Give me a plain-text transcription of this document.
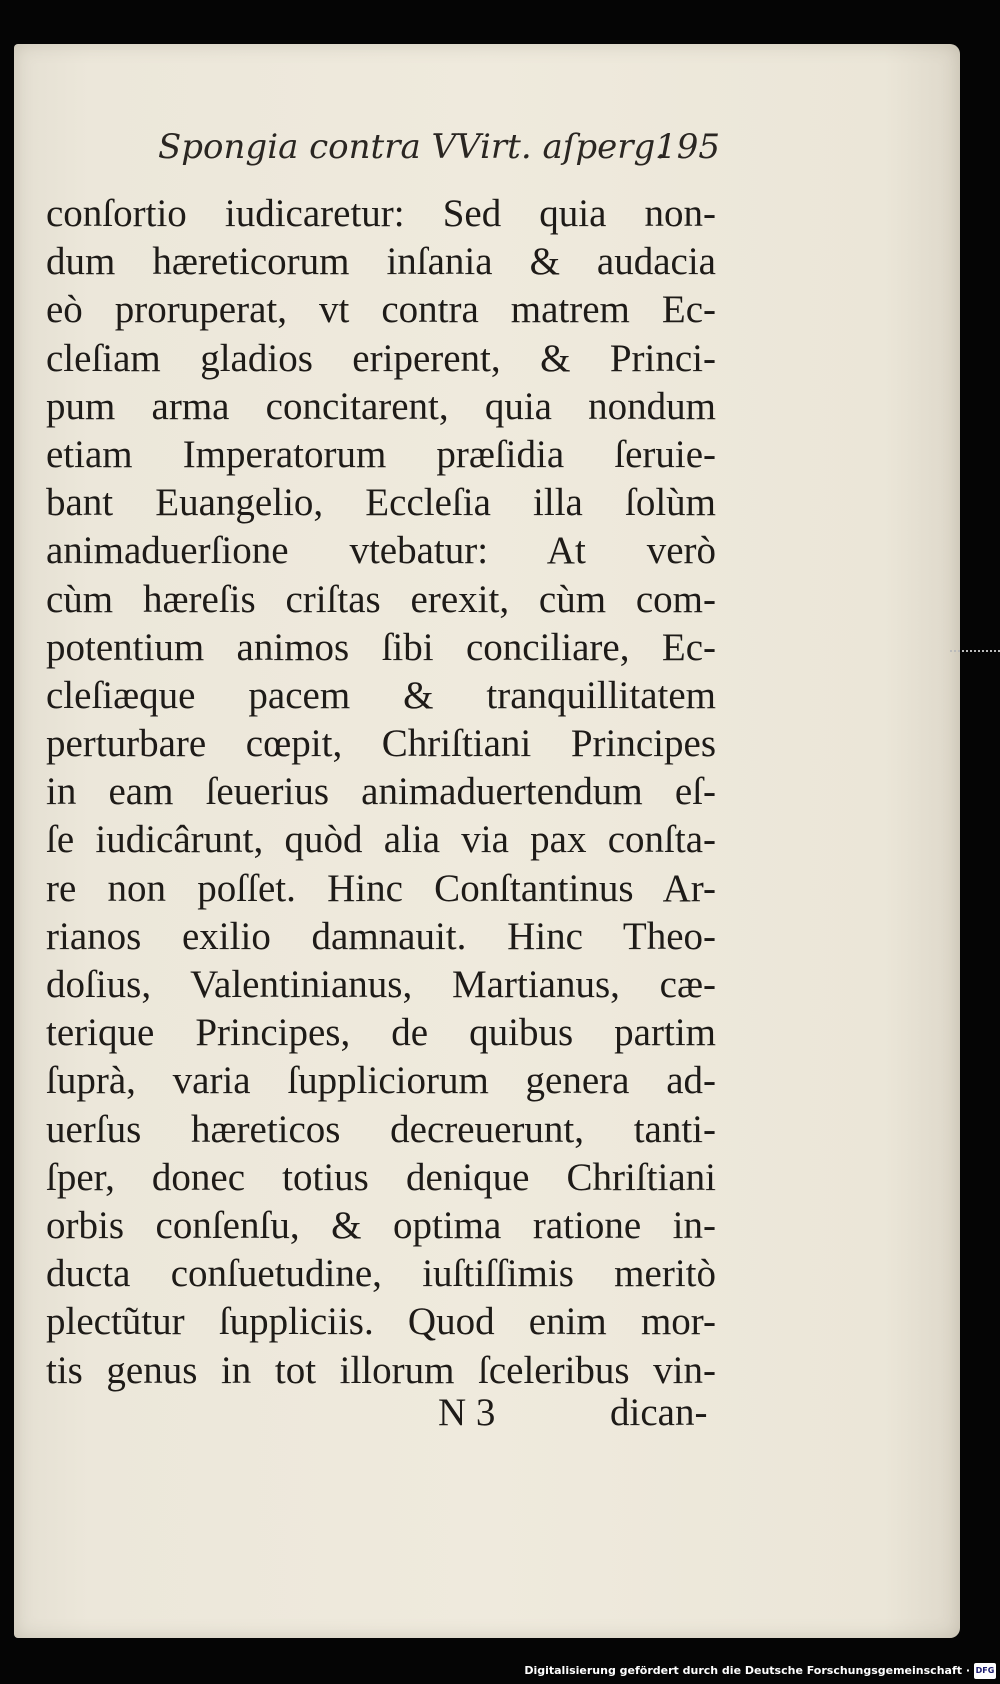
Spongia contra VVirt. aſperg.
195
conſortio iudicaretur: Sed quia non-
dum hæreticorum inſania & audacia
eò proruperat, vt contra matrem Ec-
cleſiam gladios eriperent, & Princi-
pum arma concitarent, quia nondum
etiam Imperatorum præſidia ſeruie-
bant Euangelio, Eccleſia illa ſolùm
animaduerſione vtebatur: At verò
cùm hæreſis criſtas erexit, cùm com-
potentium animos ſibi conciliare, Ec-
cleſiæque pacem & tranquillitatem
perturbare cœpit, Chriſtiani Principes
in eam ſeuerius animaduertendum eſ-
ſe iudicârunt, quòd alia via pax conſta-
re non poſſet. Hinc Conſtantinus Ar-
rianos exilio damnauit. Hinc Theo-
doſius, Valentinianus, Martianus, cæ-
terique Principes, de quibus partim
ſuprà, varia ſuppliciorum genera ad-
uerſus hæreticos decreuerunt, tanti-
ſper, donec totius denique Chriſtiani
orbis conſenſu, & optima ratione in-
ducta conſuetudine, iuſtiſſimis meritò
plectũtur ſuppliciis. Quod enim mor-
tis genus in tot illorum ſceleribus vin-
N 3	dican-
Digitalisierung gefördert durch die Deutsche Forschungsgemeinschaft · DFG
